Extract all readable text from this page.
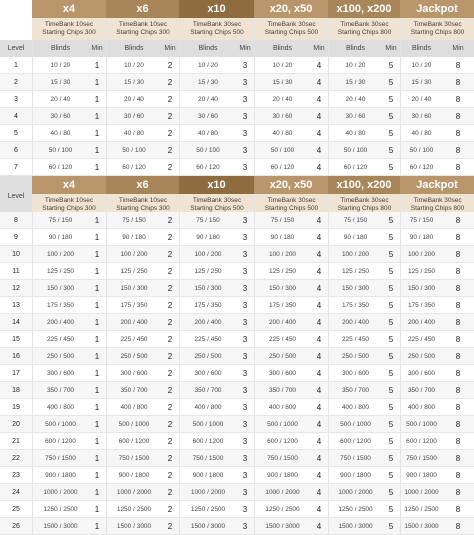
x4
TimeBank 10sec
Starting Chips 300
x6
TimeBank 10sec
Starting Chips 300
x10
TimeBank 30sec
Starting Chips 500
x20, x50
TimeBank 30sec
Starting Chips 500
x100, x200
TimeBank 30sec
Starting Chips 800
Jackpot
TimeBank 30sec
Starting Chips 800
Level	Blinds	Min	Blinds	Min	Blinds	Min	Blinds	Min	Blinds	Min	Blinds	Min
1	10 / 20	1	10 / 20	2	10 / 20	3	10 / 20	4	10 / 20	5	10 / 20	8
2	15 / 30	1	15 / 30	2	15 / 30	3	15 / 30	4	15 / 30	5	15 / 30	8
3	20 / 40	1	20 / 40	2	20 / 40	3	20 / 40	4	20 / 40	5	20 / 40	8
4	30 / 60	1	30 / 60	2	30 / 60	3	30 / 60	4	30 / 60	5	30 / 60	8
5	40 / 80	1	40 / 80	2	40 / 80	3	40 / 80	4	40 / 80	5	40 / 80	8
6	50 / 100	1	50 / 100	2	50 / 100	3	50 / 100	4	50 / 100	5	50 / 100	8
7	60 / 120	1	60 / 120	2	60 / 120	3	60 / 120	4	60 / 120	5	60 / 120	8
Level
x4
TimeBank 10sec
Starting Chips 300
x6
TimeBank 10sec
Starting Chips 300
x10
TimeBank 30sec
Starting Chips 500
x20, x50
TimeBank 30sec
Starting Chips 500
x100, x200
TimeBank 30sec
Starting Chips 800
Jackpot
TimeBank 30sec
Starting Chips 800
8	75 / 150	1	75 / 150	2	75 / 150	3	75 / 150	4	75 / 150	5	75 / 150	8
9	90 / 180	1	90 / 180	2	90 / 180	3	90 / 180	4	90 / 180	5	90 / 180	8
10	100 / 200	1	100 / 200	2	100 / 200	3	100 / 200	4	100 / 200	5	100 / 200	8
11	125 / 250	1	125 / 250	2	125 / 250	3	125 / 250	4	125 / 250	5	125 / 250	8
12	150 / 300	1	150 / 300	2	150 / 300	3	150 / 300	4	150 / 300	5	150 / 300	8
13	175 / 350	1	175 / 350	2	175 / 350	3	175 / 350	4	175 / 350	5	175 / 350	8
14	200 / 400	1	200 / 400	2	200 / 400	3	200 / 400	4	200 / 400	5	200 / 400	8
15	225 / 450	1	225 / 450	2	225 / 450	3	225 / 450	4	225 / 450	5	225 / 450	8
16	250 / 500	1	250 / 500	2	250 / 500	3	250 / 500	4	250 / 500	5	250 / 500	8
17	300 / 600	1	300 / 600	2	300 / 600	3	300 / 600	4	300 / 600	5	300 / 600	8
18	350 / 700	1	350 / 700	2	350 / 700	3	350 / 700	4	350 / 700	5	350 / 700	8
19	400 / 800	1	400 / 800	2	400 / 800	3	400 / 800	4	400 / 800	5	400 / 800	8
20	500 / 1000	1	500 / 1000	2	500 / 1000	3	500 / 1000	4	500 / 1000	5	500 / 1000	8
21	600 / 1200	1	600 / 1200	2	600 / 1200	3	600 / 1200	4	600 / 1200	5	600 / 1200	8
22	750 / 1500	1	750 / 1500	2	750 / 1500	3	750 / 1500	4	750 / 1500	5	750 / 1500	8
23	900 / 1800	1	900 / 1800	2	900 / 1800	3	900 / 1800	4	900 / 1800	5	900 / 1800	8
24	1000 / 2000	1	1000 / 2000	2	1000 / 2000	3	1000 / 2000	4	1000 / 2000	5	1000 / 2000	8
25	1250 / 2500	1	1250 / 2500	2	1250 / 2500	3	1250 / 2500	4	1250 / 2500	5	1250 / 2500	8
26	1500 / 3000	1	1500 / 3000	2	1500 / 3000	3	1500 / 3000	4	1500 / 3000	5	1500 / 3000	8
